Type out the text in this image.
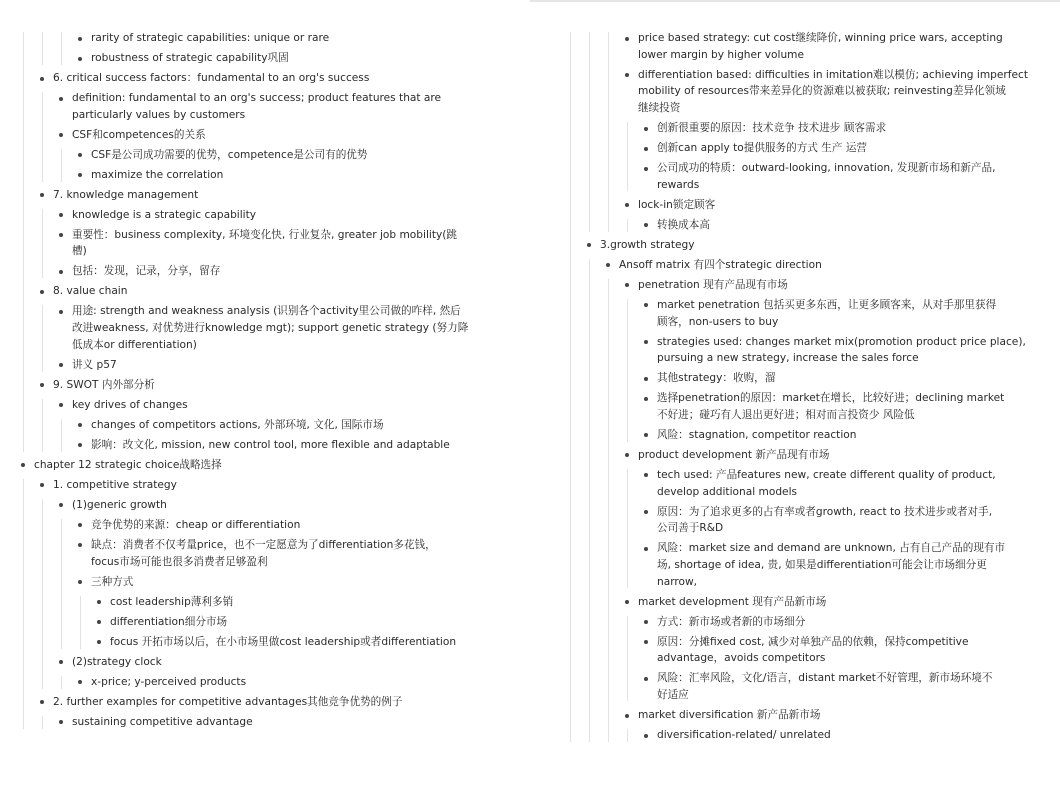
rarity of strategic capabilities: unique or rare
robustness of strategic capability巩固
6. critical success factors：fundamental to an org's success
definition: fundamental to an org's success; product features that are
particularly values by customers
CSF和competences的关系
CSF是公司成功需要的优势，competence是公司有的优势
maximize the correlation
7. knowledge management
knowledge is a strategic capability
重要性：business complexity, 环境变化快, 行业复杂, greater job mobility(跳
槽)
包括：发现，记录，分享，留存
8. value chain
用途: strength and weakness analysis (识别各个activity里公司做的咋样, 然后
改进weakness, 对优势进行knowledge mgt); support genetic strategy (努力降
低成本or differentiation)
讲义 p57
9. SWOT 内外部分析
key drives of changes
changes of competitors actions, 外部环境, 文化, 国际市场
影响：改文化, mission, new control tool, more flexible and adaptable
chapter 12 strategic choice战略选择
1. competitive strategy
(1)generic growth
竞争优势的来源：cheap or differentiation
缺点：消费者不仅考量price，也不一定愿意为了differentiation多花钱，
focus市场可能也很多消费者足够盈利
三种方式
cost leadership薄利多销
differentiation细分市场
focus 开拓市场以后，在小市场里做cost leadership或者differentiation
(2)strategy clock
x-price; y-perceived products
2. further examples for competitive advantages其他竞争优势的例子
sustaining competitive advantage
price based strategy: cut cost继续降价, winning price wars, accepting
lower margin by higher volume
differentiation based: difficulties in imitation难以模仿; achieving imperfect
mobility of resources带来差异化的资源难以被获取; reinvesting差异化领域
继续投资
创新很重要的原因：技术竞争 技术进步 顾客需求
创新can apply to提供服务的方式 生产 运营
公司成功的特质：outward-looking, innovation, 发现新市场和新产品,
rewards
lock-in锁定顾客
转换成本高
3.growth strategy
Ansoff matrix 有四个strategic direction
penetration 现有产品现有市场
market penetration 包括买更多东西，让更多顾客来，从对手那里获得
顾客，non-users to buy
strategies used: changes market mix(promotion product price place),
pursuing a new strategy, increase the sales force
其他strategy：收购，溜
选择penetration的原因：market在增长，比较好进；declining market
不好进；碰巧有人退出更好进；相对而言投资少 风险低
风险：stagnation, competitor reaction
product development 新产品现有市场
tech used: 产品features new, create different quality of product,
develop additional models
原因：为了追求更多的占有率或者growth, react to 技术进步或者对手,
公司善于R&D
风险：market size and demand are unknown, 占有自己产品的现有市
场, shortage of idea, 贵, 如果是differentiation可能会让市场细分更
narrow,
market development 现有产品新市场
方式：新市场或者新的市场细分
原因：分摊fixed cost, 减少对单独产品的依赖，保持competitive
advantage，avoids competitors
风险：汇率风险，文化/语言，distant market不好管理，新市场环境不
好适应
market diversification 新产品新市场
diversification-related/ unrelated
